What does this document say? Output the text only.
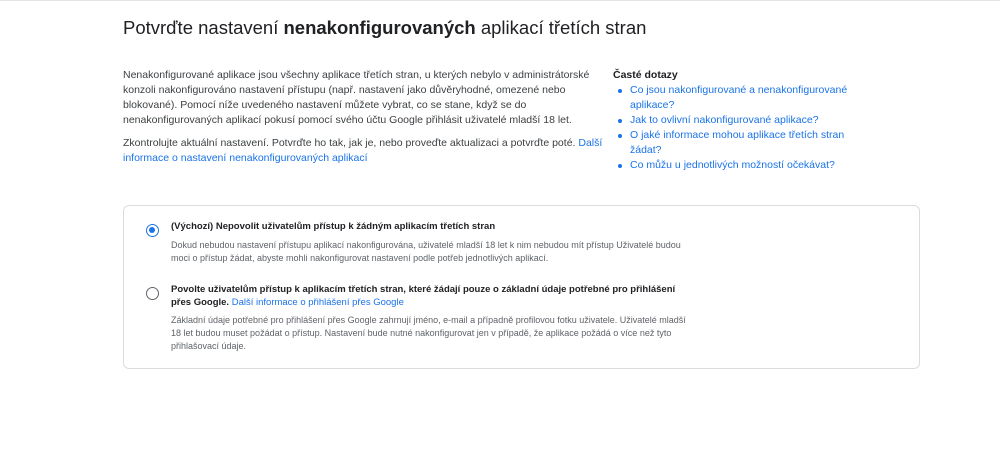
Potvrďte nastavení nenakonfigurovaných aplikací třetích stran

Nenakonfigurované aplikace jsou všechny aplikace třetích stran, u kterých nebylo v administrátorské konzoli nakonfigurováno nastavení přístupu (např. nastavení jako důvěryhodné, omezené nebo blokované). Pomocí níže uvedeného nastavení můžete vybrat, co se stane, když se do nenakonfigurovaných aplikací pokusí pomocí svého účtu Google přihlásit uživatelé mladší 18 let.

Zkontrolujte aktuální nastavení. Potvrďte ho tak, jak je, nebo proveďte aktualizaci a potvrďte poté. Další informace o nastavení nenakonfigurovaných aplikací

Časté dotazy

Co jsou nakonfigurované a nenakonfigurované aplikace?
Jak to ovlivní nakonfigurované aplikace?
O jaké informace mohou aplikace třetích stran žádat?
Co můžu u jednotlivých možností očekávat?
(Výchozí) Nepovolit uživatelům přístup k žádným aplikacím třetích stran
Dokud nebudou nastavení přístupu aplikací nakonfigurována, uživatelé mladší 18 let k nim nebudou mít přístup Uživatelé budou moci o přístup žádat, abyste mohli nakonfigurovat nastavení podle potřeb jednotlivých aplikací.
Povolte uživatelům přístup k aplikacím třetích stran, které žádají pouze o základní údaje potřebné pro přihlášení přes Google. Další informace o přihlášení přes Google
Základní údaje potřebné pro přihlášení přes Google zahrnují jméno, e-mail a případně profilovou fotku uživatele. Uživatelé mladší 18 let budou muset požádat o přístup. Nastavení bude nutné nakonfigurovat jen v případě, že aplikace požádá o více než tyto přihlašovací údaje.
